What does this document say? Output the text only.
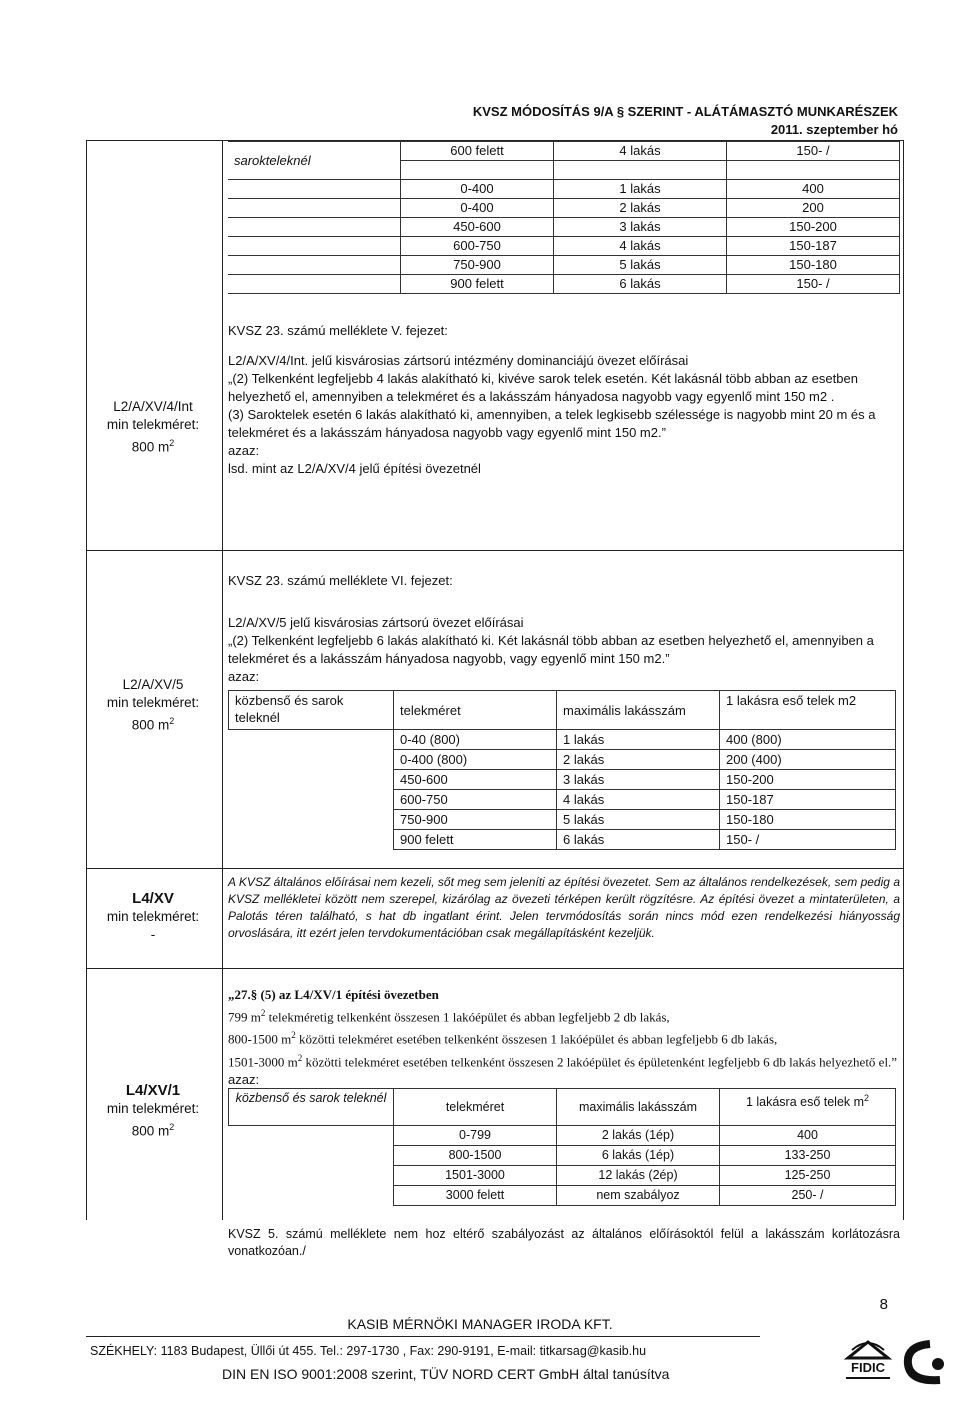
KVSZ MÓDOSÍTÁS 9/A § SZERINT - ALÁTÁMASZTÓ MUNKARÉSZEK
2011. szeptember hó
sarokteleknél	600 felett	4 lakás	150- /

	0-400	1 lakás	400
	0-400	2 lakás	200
	450-600	3 lakás	150-200
	600-750	4 lakás	150-187
	750-900	5 lakás	150-180
	900 felett	6 lakás	150- /
KVSZ 23. számú melléklete V. fejezet:
L2/A/XV/4/Int
min telekméret:
800 $m^2$

L2/A/XV/4/Int. jelű kisvárosias zártsorú intézmény dominanciájú övezet előírásai

„(2) Telkenként legfeljebb 4 lakás alakítható ki, kivéve sarok telek esetén. Két lakásnál több abban az esetben helyezhető el, amennyiben a telekméret és a lakásszám hányadosa nagyobb vagy egyenlő mint 150 m2 .

(3) Saroktelek esetén 6 lakás alakítható ki, amennyiben, a telek legkisebb szélessége is nagyobb mint 20 m és a telekméret és a lakásszám hányadosa nagyobb vagy egyenlő mint 150 m2.”

azaz:

lsd. mint az L2/A/XV/4 jelű építési övezetnél

KVSZ 23. számú melléklete VI. fejezet:
L2/A/XV/5
min telekméret:
800 $m^2$

L2/A/XV/5 jelű kisvárosias zártsorú övezet előírásai

„(2) Telkenként legfeljebb 6 lakás alakítható ki. Két lakásnál több abban az esetben helyezhető el, amennyiben a telekméret és a lakásszám hányadosa nagyobb, vagy egyenlő mint 150 m2.”

azaz:

közbenső és sarok teleknél	telekméret	maximális lakásszám	1 lakásra eső telek m2
	0-40 (800)	1 lakás	400 (800)
	0-400 (800)	2 lakás	200 (400)
	450-600	3 lakás	150-200
	600-750	4 lakás	150-187
	750-900	5 lakás	150-180
	900 felett	6 lakás	150- /
L4/XV
min telekméret:
-
A KVSZ általános előírásai nem kezeli, sőt meg sem jeleníti az építési övezetet. Sem az általános rendelkezések, sem pedig a KVSZ mellékletei között nem szerepel, kizárólag az övezeti térképen került rögzítésre. Az építési övezet a mintaterületen, a Palotás téren található, s hat db ingatlant érint. Jelen tervmódosítás során nincs mód ezen rendelkezési hiányosság orvoslására, itt ezért jelen tervdokumentációban csak megállapításként kezeljük.
L4/XV/1
min telekméret:
800 $m^2$

„27.§ (5) az L4/XV/1 építési övezetben

799 $m^2$ telekméretig telkenként összesen 1 lakóépület és abban legfeljebb 2 db lakás,

800-1500 $m^2$ közötti telekméret esetében telkenként összesen 1 lakóépület és abban legfeljebb 6 db lakás,

1501-3000 $m^2$ közötti telekméret esetében telkenként összesen 2 lakóépület és épületenként legfeljebb 6 db lakás helyezhető el.”

azaz:

közbenső és sarok teleknél	telekméret	maximális lakásszám	1 lakásra eső telek $m^2$
	0-799	2 lakás (1ép)	400
	800-1500	6 lakás (1ép)	133-250
	1501-3000	12 lakás (2ép)	125-250
	3000 felett	nem szabályoz	250- /
KVSZ 5. számú melléklete nem hoz eltérő szabályozást az általános előírásoktól felül a lakásszám korlátozásra vonatkozóan./
8
KASIB MÉRNÖKI MANAGER IRODA KFT.
SZÉKHELY: 1183 Budapest, Üllői út 455. Tel.: 297-1730 , Fax: 290-9191, E-mail: titkarsag@kasib.hu
DIN EN ISO 9001:2008 szerint, TÜV NORD CERT GmbH által tanúsítva	FIDIC
